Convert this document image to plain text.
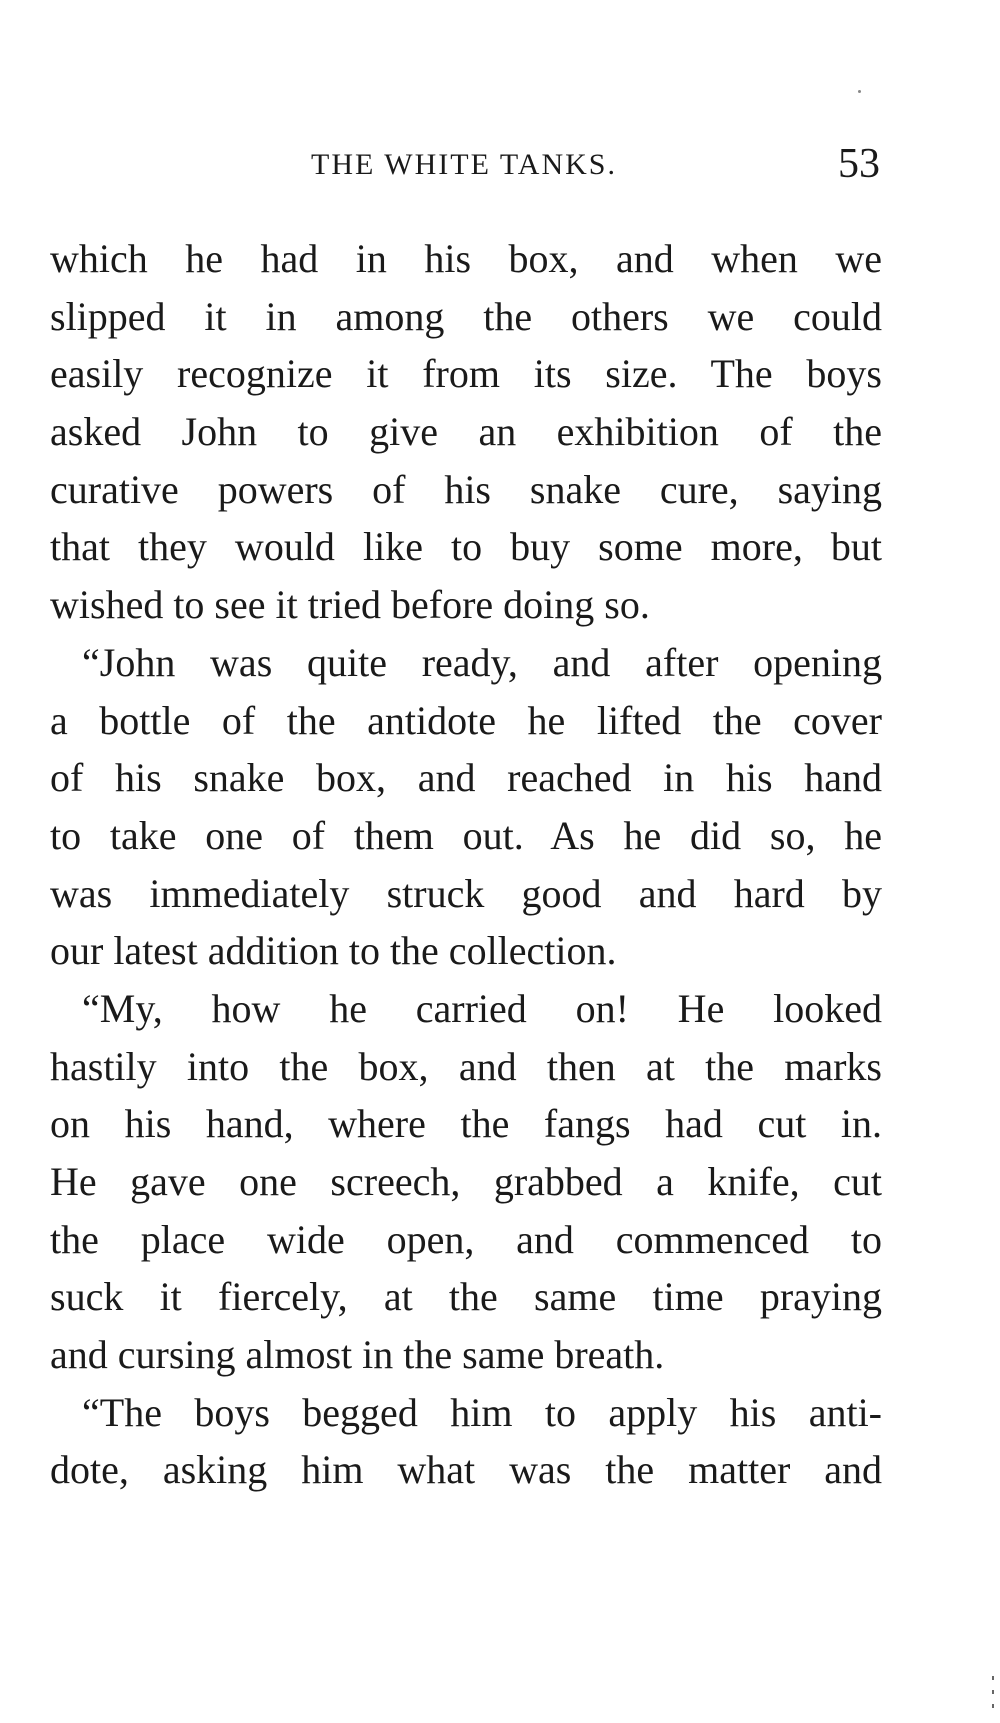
THE WHITE TANKS.	53
which he had in his box, and when we
slipped it in among the others we could
easily recognize it from its size. The boys
asked John to give an exhibition of the
curative powers of his snake cure, saying
that they would like to buy some more, but
wished to see it tried before doing so.
“John was quite ready, and after opening
a bottle of the antidote he lifted the cover
of his snake box, and reached in his hand
to take one of them out. As he did so, he
was immediately struck good and hard by
our latest addition to the collection.
“My, how he carried on! He looked
hastily into the box, and then at the marks
on his hand, where the fangs had cut in.
He gave one screech, grabbed a knife, cut
the place wide open, and commenced to
suck it fiercely, at the same time praying
and cursing almost in the same breath.
“The boys begged him to apply his anti-
dote, asking him what was the matter and
